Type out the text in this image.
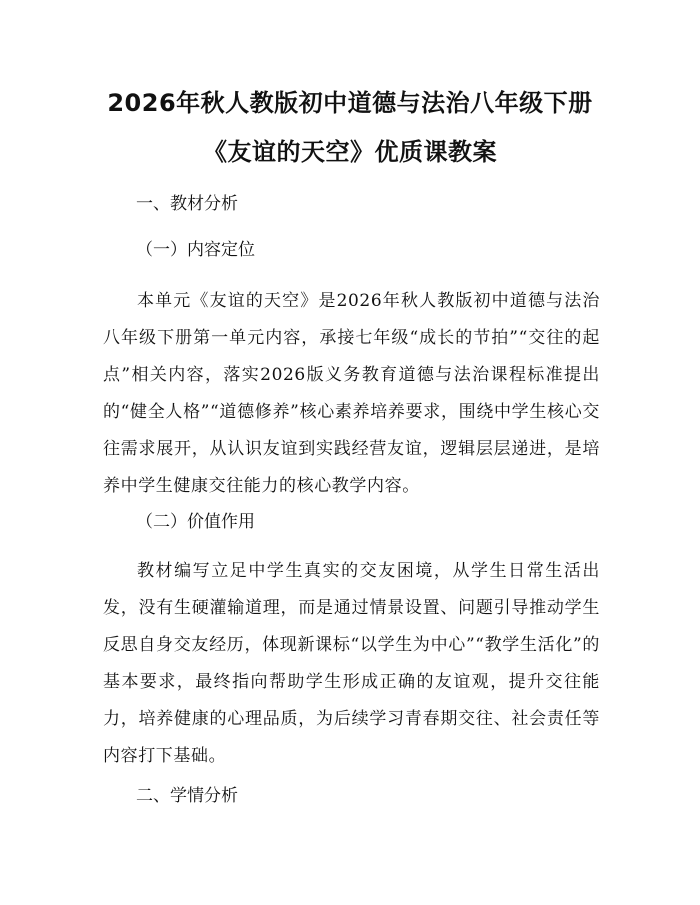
2026年秋人教版初中道德与法治八年级下册
《友谊的天空》优质课教案

一、教材分析

（一）内容定位

本单元《友谊的天空》是2026年秋人教版初中道德与法治八年级下册第一单元内容，承接七年级“成长的节拍”“交往的起点”相关内容，落实2026版义务教育道德与法治课程标准提出的“健全人格”“道德修养”核心素养培养要求，围绕中学生核心交往需求展开，从认识友谊到实践经营友谊，逻辑层层递进，是培养中学生健康交往能力的核心教学内容。

（二）价值作用

教材编写立足中学生真实的交友困境，从学生日常生活出发，没有生硬灌输道理，而是通过情景设置、问题引导推动学生反思自身交友经历，体现新课标“以学生为中心”“教学生活化”的基本要求，最终指向帮助学生形成正确的友谊观，提升交往能力，培养健康的心理品质，为后续学习青春期交往、社会责任等内容打下基础。

二、学情分析
